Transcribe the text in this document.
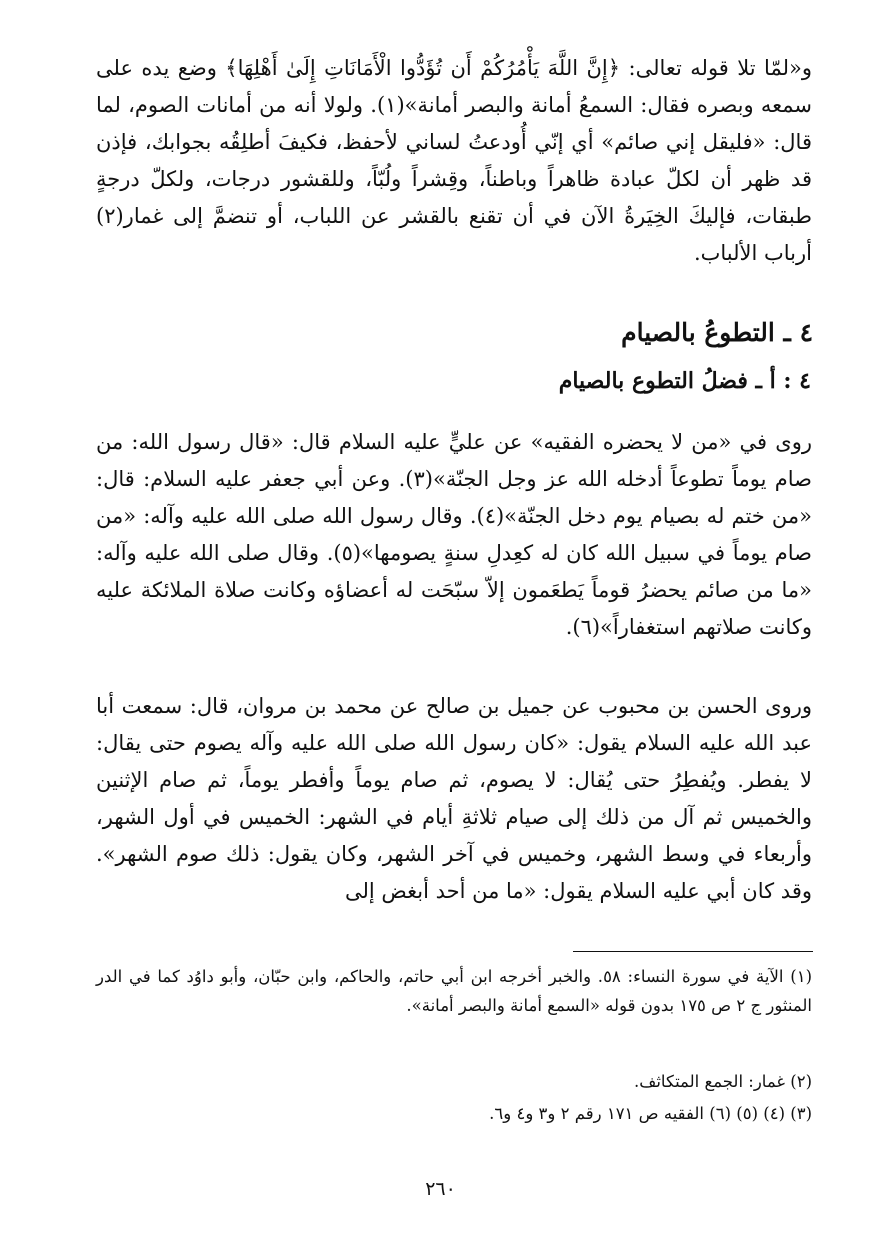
و«لمّا تلا قوله تعالى: ﴿إِنَّ اللَّهَ يَأْمُرُكُمْ أَن تُؤَدُّوا الْأَمَانَاتِ إِلَىٰ أَهْلِهَا﴾ وضع يده على سمعه وبصره فقال: السمعُ أمانة والبصر أمانة»(١). ولولا أنه من أمانات الصوم، لما قال: «فليقل إني صائم» أي إنّي أُودعتُ لساني لأحفظ، فكيفَ أطلِقُه بجوابك، فإذن قد ظهر أن لكلّ عبادة ظاهراً وباطناً، وقِشراً ولُبّاً، وللقشور درجات، ولكلّ درجةٍ طبقات، فإليكَ الخِيَرةُ الآن في أن تقنع بالقشر عن اللباب، أو تنضمَّ إلى غمار(٢) أرباب الألباب.

٤ ـ التطوعُ بالصيام
٤ : أ ـ فضلُ التطوع بالصيام

روى في «من لا يحضره الفقيه» عن عليٍّ عليه السلام قال: «قال رسول الله: من صام يوماً تطوعاً أدخله الله عز وجل الجنّة»(٣). وعن أبي جعفر عليه السلام: قال: «من ختم له بصيام يوم دخل الجنّة»(٤). وقال رسول الله صلى الله عليه وآله: «من صام يوماً في سبيل الله كان له كعِدلِ سنةٍ يصومها»(٥). وقال صلى الله عليه وآله: «ما من صائم يحضرُ قوماً يَطعَمون إلاّ سبّحَت له أعضاؤه وكانت صلاة الملائكة عليه وكانت صلاتهم استغفاراً»(٦).

وروى الحسن بن محبوب عن جميل بن صالح عن محمد بن مروان، قال: سمعت أبا عبد الله عليه السلام يقول: «كان رسول الله صلى الله عليه وآله يصوم حتى يقال: لا يفطر. ويُفطِرُ حتى يُقال: لا يصوم، ثم صام يوماً وأفطر يوماً، ثم صام الإثنين والخميس ثم آل من ذلك إلى صيام ثلاثةِ أيام في الشهر: الخميس في أول الشهر، وأربعاء في وسط الشهر، وخميس في آخر الشهر، وكان يقول: ذلك صوم الشهر». وقد كان أبي عليه السلام يقول: «ما من أحد أبغض إلى

(١) الآية في سورة النساء: ٥٨. والخبر أخرجه ابن أبي حاتم، والحاكم، وابن حبّان، وأبو داوُد كما في الدر المنثور ج ٢ ص ١٧٥ بدون قوله «السمع أمانة والبصر أمانة».

(٢) غمار: الجمع المتكاثف.

(٣) (٤) (٥) (٦) الفقيه ص ١٧١ رقم ٢ و٣ و٤ و٦.

٢٦٠
